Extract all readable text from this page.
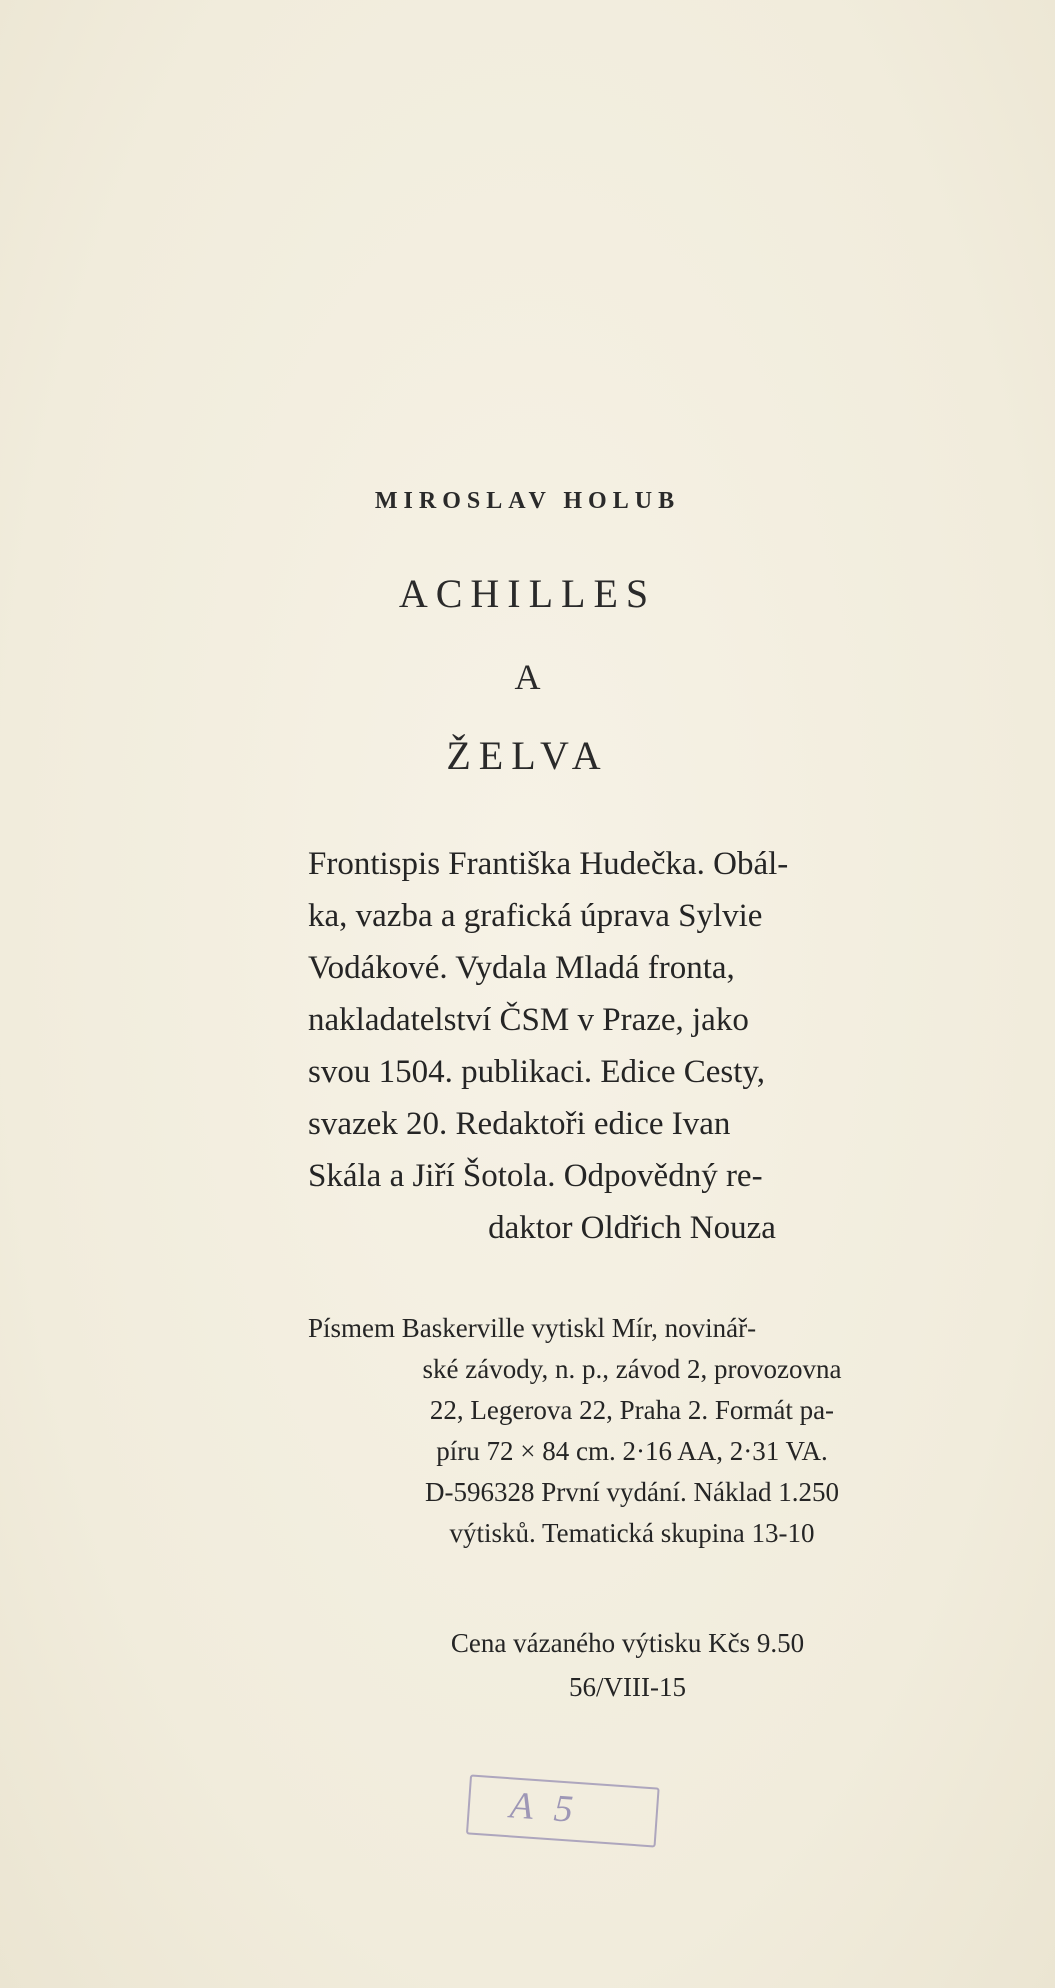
MIROSLAV HOLUB
ACHILLES
A
ŽELVA
Frontispis Františka Hudečka. Obál-
ka, vazba a grafická úprava Sylvie
Vodákové. Vydala Mladá fronta,
nakladatelství ČSM v Praze, jako
svou 1504. publikaci. Edice Cesty,
svazek 20. Redaktoři edice Ivan
Skála a Jiří Šotola. Odpovědný re-
daktor Oldřich Nouza
Písmem Baskerville vytiskl Mír, novinář-
ské závody, n. p., závod 2, provozovna
22, Legerova 22, Praha 2. Formát pa-
píru 72 × 84 cm. 2·16 AA, 2·31 VA.
D-596328 První vydání. Náklad 1.250
výtisků. Tematická skupina 13-10
Cena vázaného výtisku Kčs 9.50
56/VIII-15
A 5
